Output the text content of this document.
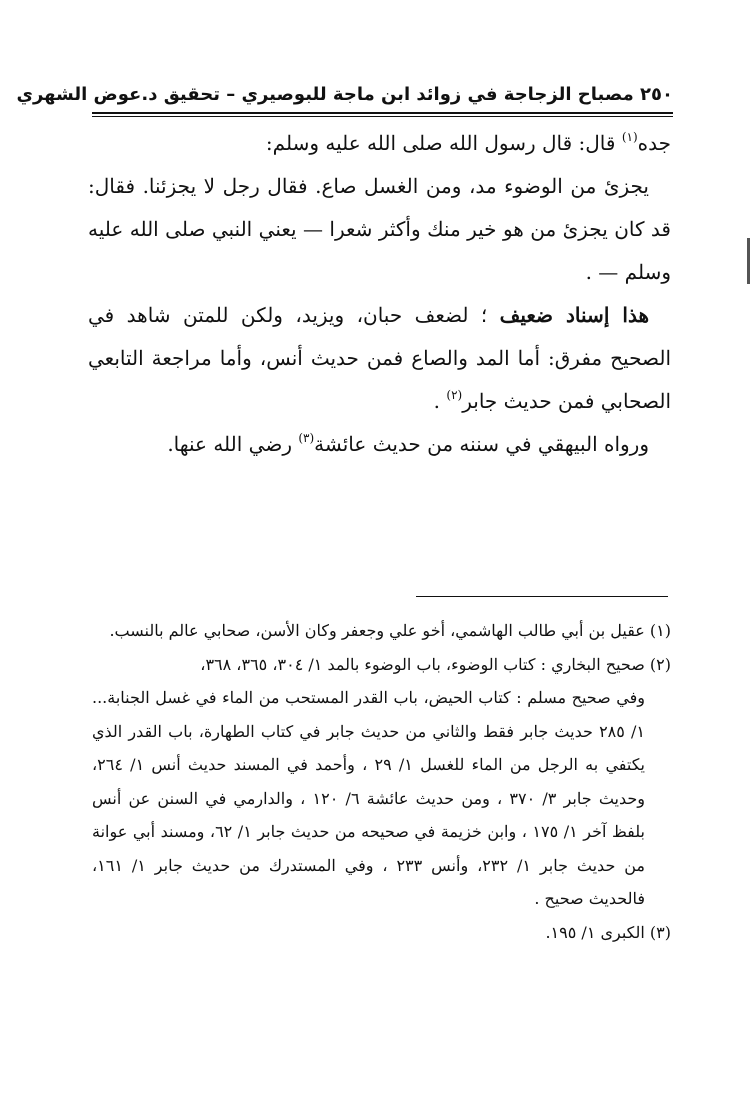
٢٥٠ مصباح الزجاجة في زوائد ابن ماجة للبوصيري – تحقيق د.عوض الشهري

جده$^{(١)}$ قال: قال رسول الله صلى الله عليه وسلم:

يجزئ من الوضوء مد، ومن الغسل صاع. فقال رجل لا يجزئنا. فقال: قد كان يجزئ من هو خير منك وأكثر شعرا — يعني النبي صلى الله عليه وسلم — .

هذا إسناد ضعيف ؛ لضعف حبان، ويزيد، ولكن للمتن شاهد في الصحيح مفرق: أما المد والصاع فمن حديث أنس، وأما مراجعة التابعي الصحابي فمن حديث جابر$^{(٢)}$ .

ورواه البيهقي في سننه من حديث عائشة$^{(٣)}$ رضي الله عنها.

(١) عقيل بن أبي طالب الهاشمي، أخو علي وجعفر وكان الأسن، صحابي عالم بالنسب.

(٢) صحيح البخاري : كتاب الوضوء، باب الوضوء بالمد ١/ ٣٠٤، ٣٦٥، ٣٦٨،

وفي صحيح مسلم : كتاب الحيض، باب القدر المستحب من الماء في غسل الجنابة... ١/ ٢٨٥ حديث جابر فقط والثاني من حديث جابر في كتاب الطهارة، باب القدر الذي يكتفي به الرجل من الماء للغسل ١/ ٢٩ ، وأحمد في المسند حديث أنس ١/ ٢٦٤، وحديث جابر ٣/ ٣٧٠ ، ومن حديث عائشة ٦/ ١٢٠ ، والدارمي في السنن عن أنس بلفظ آخر ١/ ١٧٥ ، وابن خزيمة في صحيحه من حديث جابر ١/ ٦٢، ومسند أبي عوانة من حديث جابر ١/ ٢٣٢، وأنس ٢٣٣ ، وفي المستدرك من حديث جابر ١/ ١٦١، فالحديث صحيح .

(٣) الكبرى ١/ ١٩٥.
